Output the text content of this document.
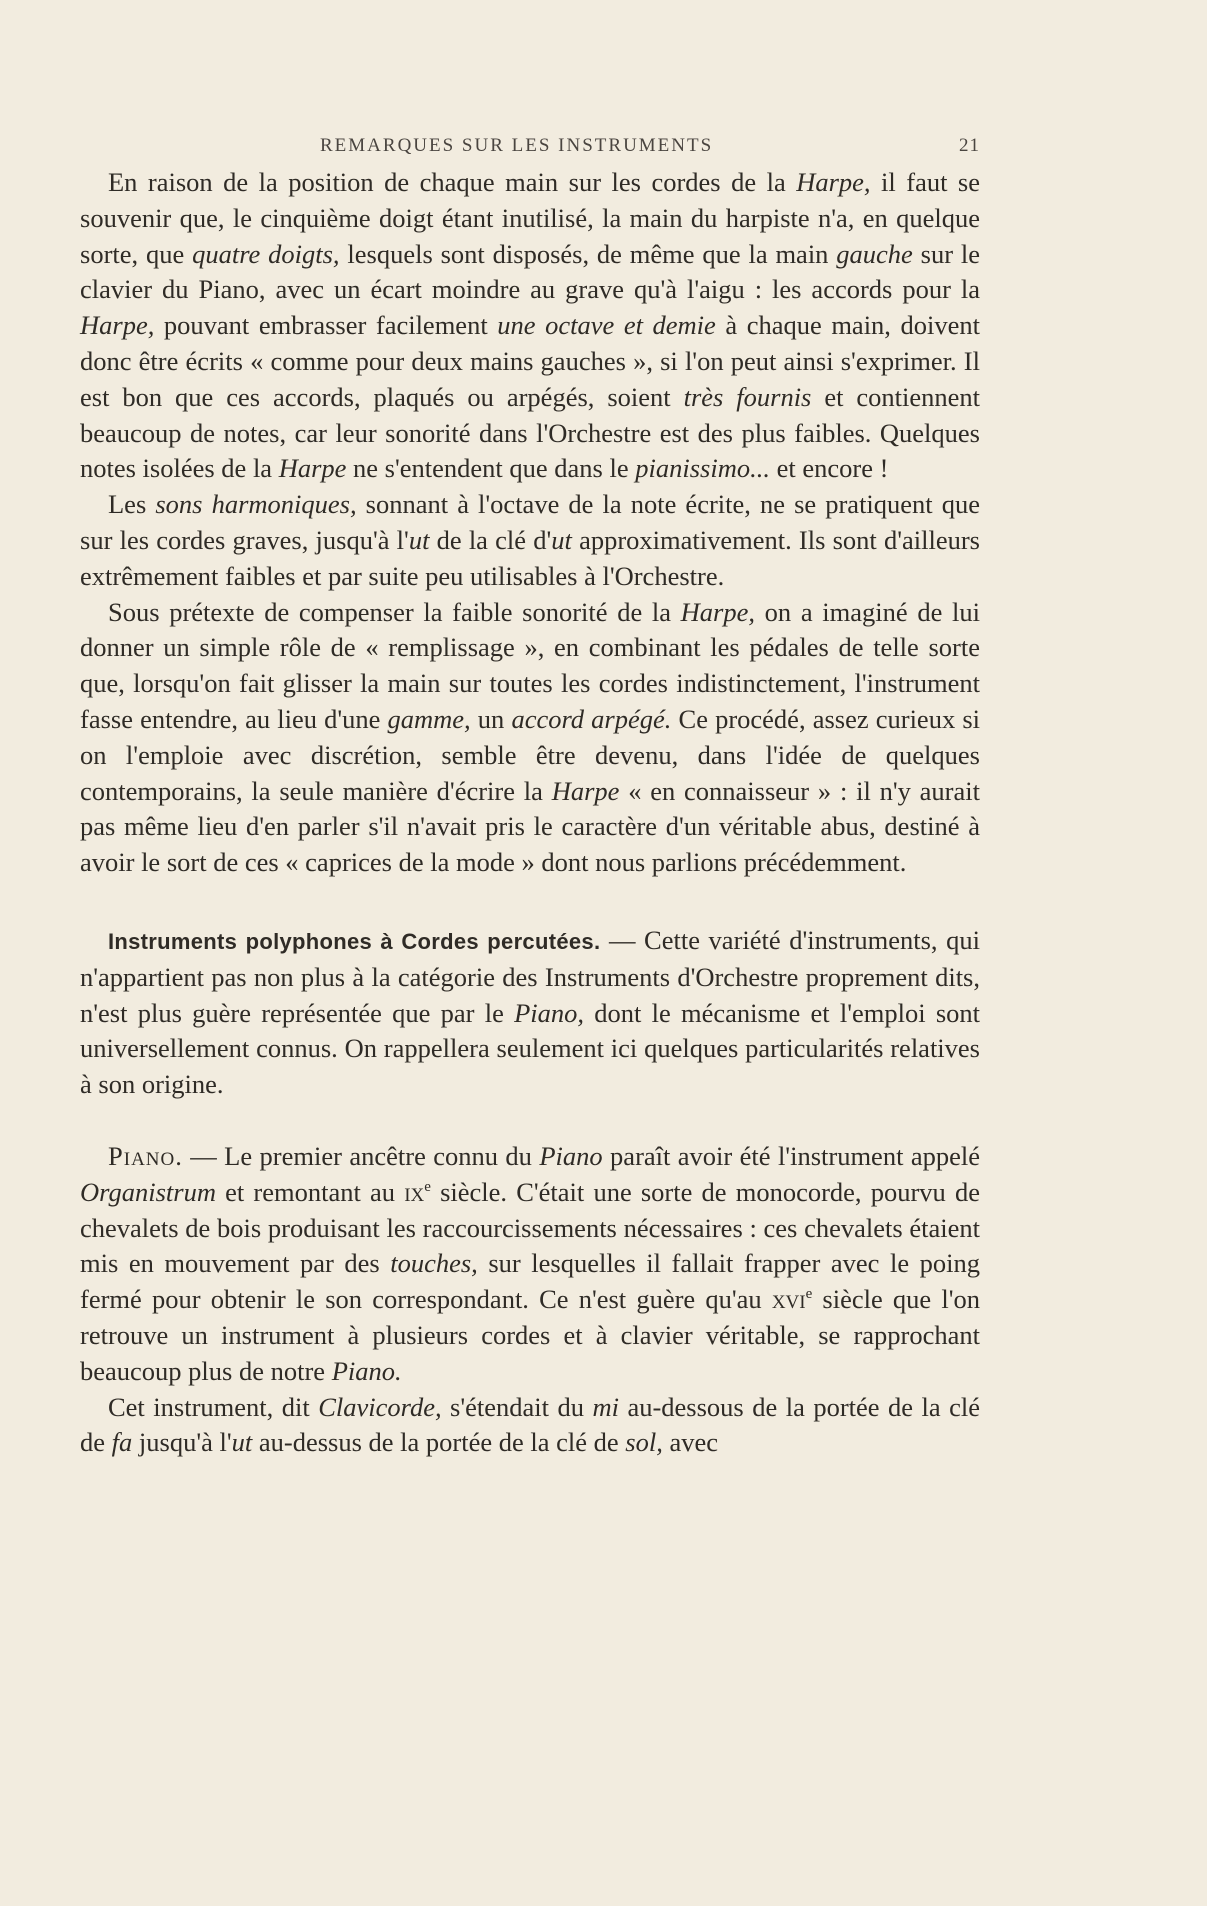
REMARQUES SUR LES INSTRUMENTS	21

En raison de la position de chaque main sur les cordes de la Harpe, il faut se souvenir que, le cinquième doigt étant inutilisé, la main du harpiste n'a, en quelque sorte, que quatre doigts, lesquels sont disposés, de même que la main gauche sur le clavier du Piano, avec un écart moindre au grave qu'à l'aigu : les accords pour la Harpe, pouvant embrasser facilement une octave et demie à chaque main, doivent donc être écrits « comme pour deux mains gauches », si l'on peut ainsi s'exprimer. Il est bon que ces accords, plaqués ou arpégés, soient très fournis et contiennent beaucoup de notes, car leur sonorité dans l'Orchestre est des plus faibles. Quelques notes isolées de la Harpe ne s'entendent que dans le pianissimo... et encore !

Les sons harmoniques, sonnant à l'octave de la note écrite, ne se pratiquent que sur les cordes graves, jusqu'à l'ut de la clé d'ut approximativement. Ils sont d'ailleurs extrêmement faibles et par suite peu utilisables à l'Orchestre.

Sous prétexte de compenser la faible sonorité de la Harpe, on a imaginé de lui donner un simple rôle de « remplissage », en combinant les pédales de telle sorte que, lorsqu'on fait glisser la main sur toutes les cordes indistinctement, l'instrument fasse entendre, au lieu d'une gamme, un accord arpégé. Ce procédé, assez curieux si on l'emploie avec discrétion, semble être devenu, dans l'idée de quelques contemporains, la seule manière d'écrire la Harpe « en connaisseur » : il n'y aurait pas même lieu d'en parler s'il n'avait pris le caractère d'un véritable abus, destiné à avoir le sort de ces « caprices de la mode » dont nous parlions précédemment.

Instruments polyphones à Cordes percutées. — Cette variété d'instruments, qui n'appartient pas non plus à la catégorie des Instruments d'Orchestre proprement dits, n'est plus guère représentée que par le Piano, dont le mécanisme et l'emploi sont universellement connus. On rappellera seulement ici quelques particularités relatives à son origine.

Piano. — Le premier ancêtre connu du Piano paraît avoir été l'instrument appelé Organistrum et remontant au $ix^e$ siècle. C'était une sorte de monocorde, pourvu de chevalets de bois produisant les raccourcissements nécessaires : ces chevalets étaient mis en mouvement par des touches, sur lesquelles il fallait frapper avec le poing fermé pour obtenir le son correspondant. Ce n'est guère qu'au xvi$^e$ siècle que l'on retrouve un instrument à plusieurs cordes et à clavier véritable, se rapprochant beaucoup plus de notre Piano.

Cet instrument, dit Clavicorde, s'étendait du mi au-dessous de la portée de la clé de fa jusqu'à l'ut au-dessus de la portée de la clé de sol, avec
